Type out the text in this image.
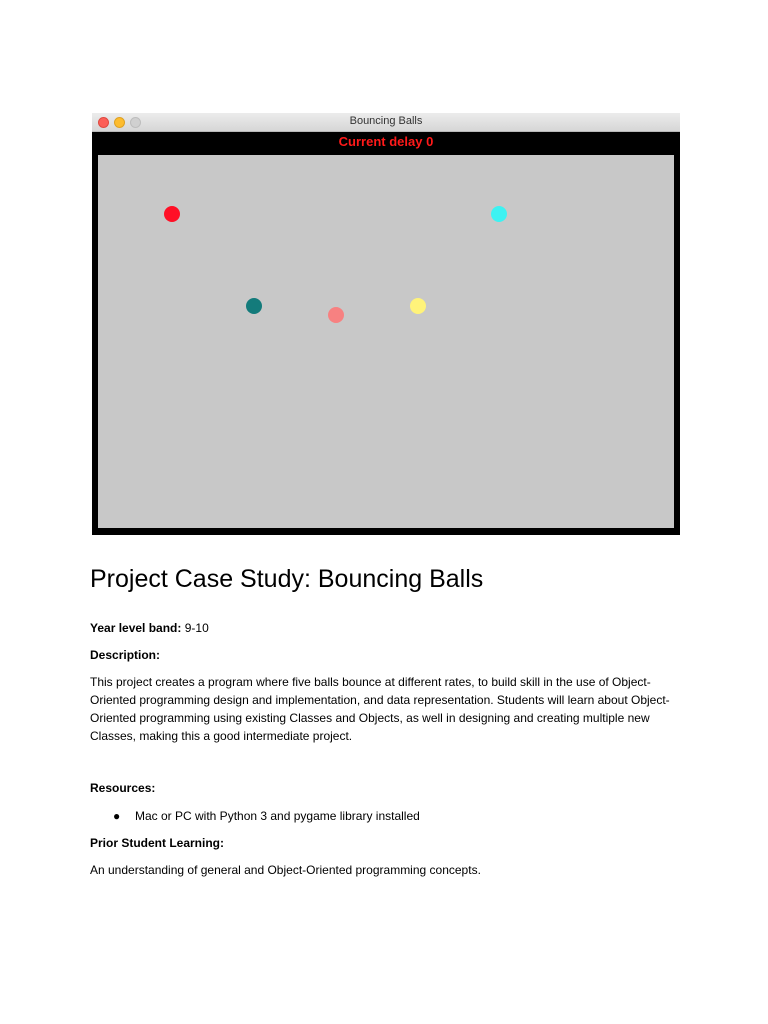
Bouncing Balls
Current delay 0
Project Case Study: Bouncing Balls

Year level band: 9-10

Description:

This project creates a program where five balls bounce at different rates, to build skill in the use of Object-Oriented programming design and implementation, and data representation. Students will learn about Object-Oriented programming using existing Classes and Objects, as well in designing and creating multiple new Classes, making this a good intermediate project.

Resources:

● Mac or PC with Python 3 and pygame library installed

Prior Student Learning:

An understanding of general and Object-Oriented programming concepts.
